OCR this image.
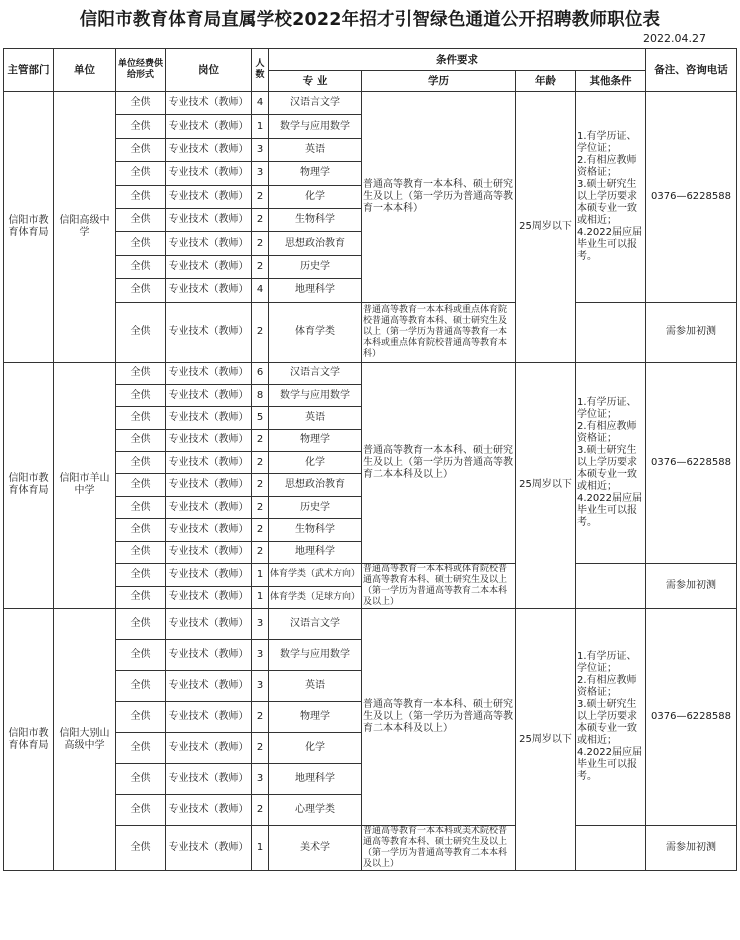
信阳市教育体育局直属学校2022年招才引智绿色通道公开招聘教师职位表
2022.04.27
主管部门	单位	单位经费供给形式	岗位	人数	条件要求				备注、咨询电话
					专 业	学历	年龄	其他条件	
信阳市教育体育局	信阳高级中学	全供	专业技术（教师）	4	汉语言文学	普通高等教育一本本科、硕士研究生及以上（第一学历为普通高等教育一本本科）	25周岁以下	1.有学历证、学位证；
2.有相应教师资格证；
3.硕士研究生以上学历要求本硕专业一致或相近；    4.2022届应届毕业生可以报考。	0376—6228588
		全供	专业技术（教师）	1	数学与应用数学				
		全供	专业技术（教师）	3	英语				
		全供	专业技术（教师）	3	物理学				
		全供	专业技术（教师）	2	化学				
		全供	专业技术（教师）	2	生物科学				
		全供	专业技术（教师）	2	思想政治教育				
		全供	专业技术（教师）	2	历史学				
		全供	专业技术（教师）	4	地理科学				
		全供	专业技术（教师）	2	体育学类	普通高等教育一本本科或重点体育院校普通高等教育本科、硕士研究生及以上（第一学历为普通高等教育一本本科或重点体育院校普通高等教育本科）			需参加初测
信阳市教育体育局	信阳市羊山中学	全供	专业技术（教师）	6	汉语言文学	普通高等教育一本本科、硕士研究生及以上（第一学历为普通高等教育二本本科及以上）	25周岁以下	1.有学历证、学位证；
2.有相应教师资格证；
3.硕士研究生以上学历要求本硕专业一致或相近；    4.2022届应届毕业生可以报考。	0376—6228588
		全供	专业技术（教师）	8	数学与应用数学				
		全供	专业技术（教师）	5	英语				
		全供	专业技术（教师）	2	物理学				
		全供	专业技术（教师）	2	化学				
		全供	专业技术（教师）	2	思想政治教育				
		全供	专业技术（教师）	2	历史学				
		全供	专业技术（教师）	2	生物科学				
		全供	专业技术（教师）	2	地理科学				
		全供	专业技术（教师）	1	体育学类（武术方向）	普通高等教育一本本科或体育院校普通高等教育本科、硕士研究生及以上（第一学历为普通高等教育二本本科及以上）			需参加初测
		全供	专业技术（教师）	1	体育学类（足球方向）				
信阳市教育体育局	信阳大别山高级中学	全供	专业技术（教师）	3	汉语言文学	普通高等教育一本本科、硕士研究生及以上（第一学历为普通高等教育二本本科及以上）	25周岁以下	1.有学历证、学位证；
2.有相应教师资格证；
3.硕士研究生以上学历要求本硕专业一致或相近；    4.2022届应届毕业生可以报考。	0376—6228588
		全供	专业技术（教师）	3	数学与应用数学				
		全供	专业技术（教师）	3	英语				
		全供	专业技术（教师）	2	物理学				
		全供	专业技术（教师）	2	化学				
		全供	专业技术（教师）	3	地理科学				
		全供	专业技术（教师）	2	心理学类				
		全供	专业技术（教师）	1	美术学	普通高等教育一本本科或美术院校普通高等教育本科、硕士研究生及以上（第一学历为普通高等教育二本本科及以上）			需参加初测
